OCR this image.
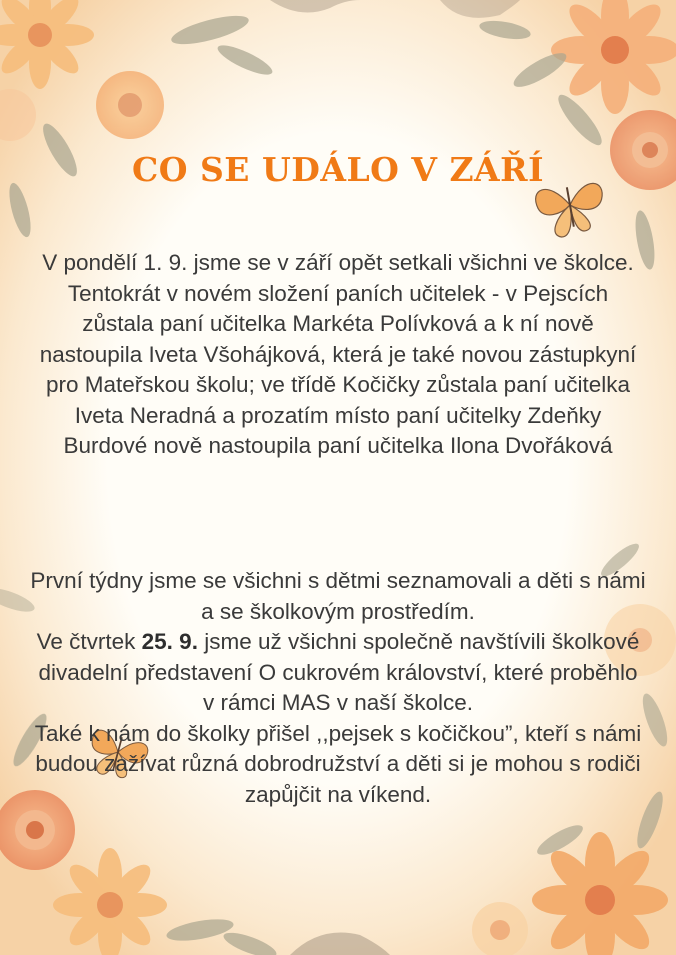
CO SE UDÁLO V ZÁŘÍ

V pondělí 1. 9. jsme se v září opět setkali všichni ve školce. Tentokrát v novém složení paních učitelek - v Pejscích zůstala paní učitelka Markéta Polívková a k ní nově nastoupila Iveta Všohájková, která je také novou zástupkyní pro Mateřskou školu; ve třídě Kočičky zůstala paní učitelka Iveta Neradná a prozatím místo paní učitelky Zdeňky Burdové nově nastoupila paní učitelka Ilona Dvořáková

První týdny jsme se všichni s dětmi seznamovali a děti s námi a se školkovým prostředím.
Ve čtvrtek 25. 9. jsme už všichni společně navštívili školkové divadelní představení O cukrovém království, které proběhlo v rámci MAS v naší školce.
Také k nám do školky přišel ,,pejsek s kočičkou”, kteří s námi budou zažívat různá dobrodružství a děti si je mohou s rodiči zapůjčit na víkend.
